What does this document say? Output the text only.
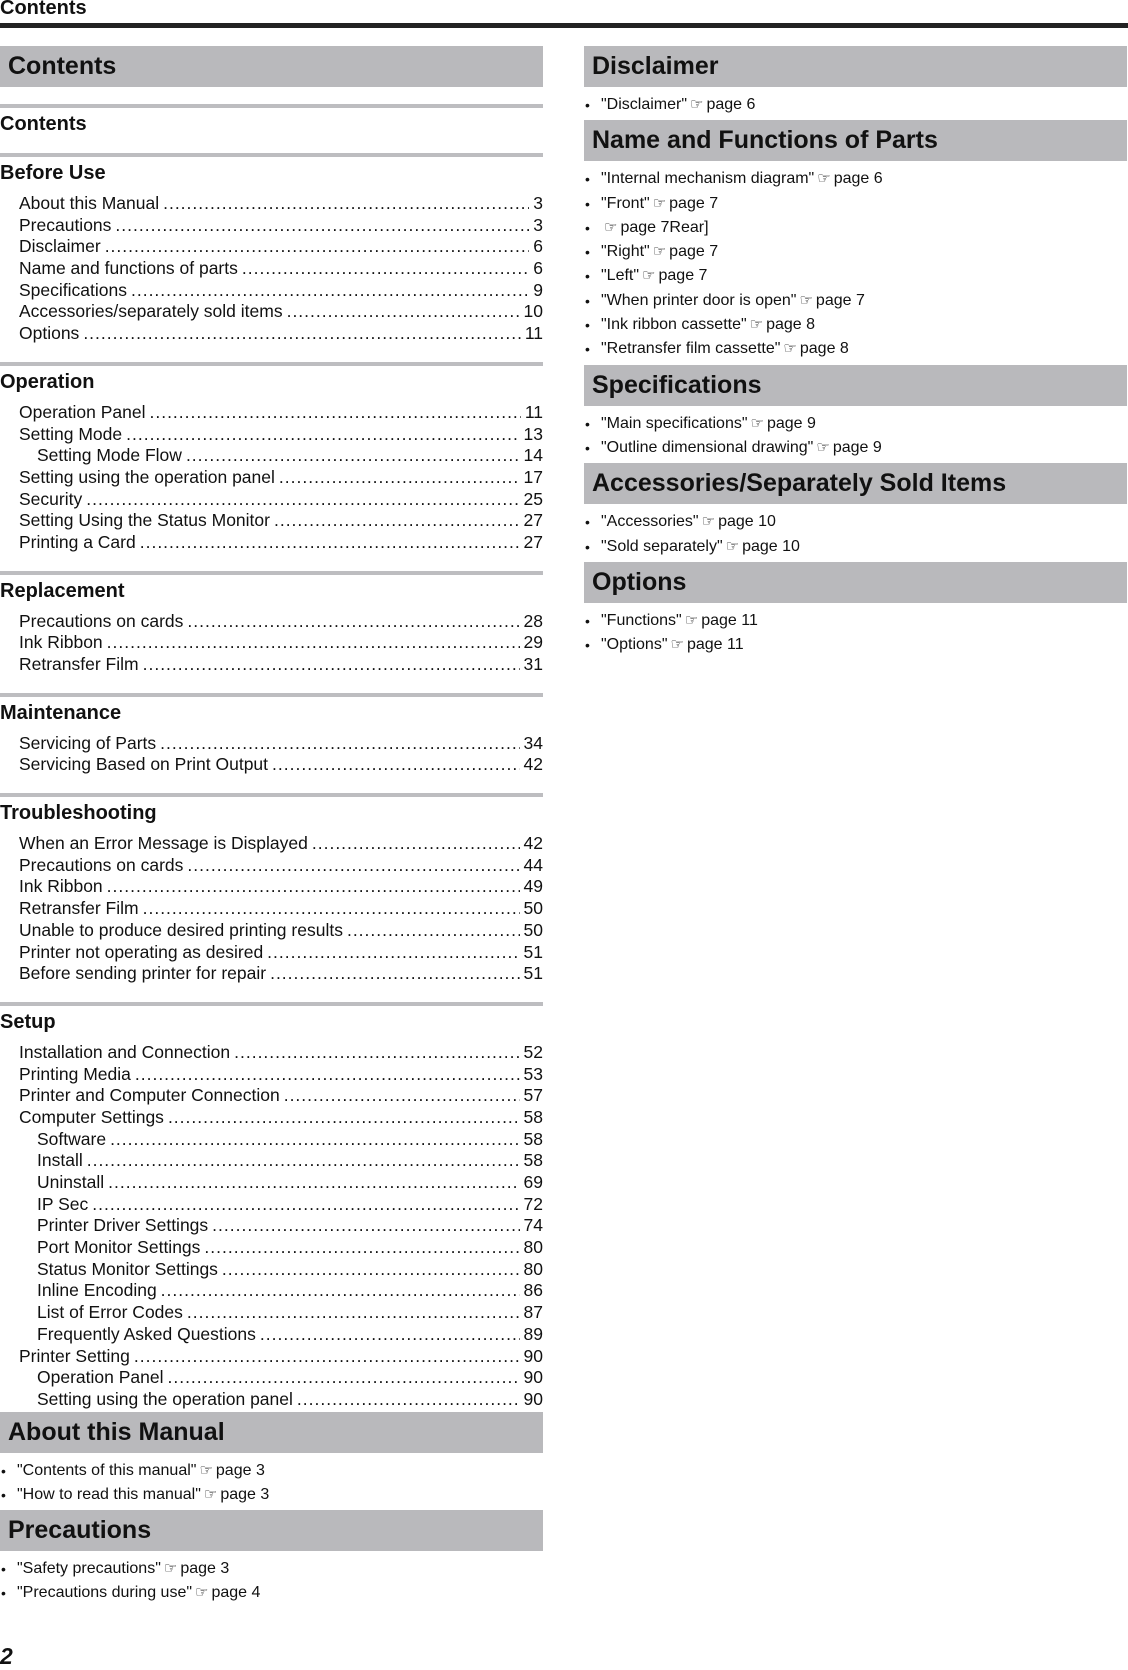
Contents
Contents
Contents
Before Use
About this Manual .....	3
Precautions .....	3
Disclaimer .....	6
Name and functions of parts .....	6
Specifications .....	9
Accessories/separately sold items .....	10
Options .....	11
Operation
Operation Panel .....	11
Setting Mode .....	13
Setting Mode Flow .....	14
Setting using the operation panel .....	17
Security .....	25
Setting Using the Status Monitor .....	27
Printing a Card .....	27
Replacement
Precautions on cards .....	28
Ink Ribbon .....	29
Retransfer Film .....	31
Maintenance
Servicing of Parts .....	34
Servicing Based on Print Output .....	42
Troubleshooting
When an Error Message is Displayed .....	42
Precautions on cards .....	44
Ink Ribbon .....	49
Retransfer Film .....	50
Unable to produce desired printing results .....	50
Printer not operating as desired .....	51
Before sending printer for repair .....	51
Setup
Installation and Connection .....	52
Printing Media .....	53
Printer and Computer Connection .....	57
Computer Settings .....	58
Software .....	58
Install .....	58
Uninstall .....	69
IP Sec .....	72
Printer Driver Settings .....	74
Port Monitor Settings .....	80
Status Monitor Settings .....	80
Inline Encoding .....	86
List of Error Codes .....	87
Frequently Asked Questions .....	89
Printer Setting .....	90
Operation Panel .....	90
Setting using the operation panel .....	90
About this Manual
• "Contents of this manual" ☞ page 3
• "How to read this manual" ☞ page 3
Precautions
• "Safety precautions" ☞ page 3
• "Precautions during use" ☞ page 4
Disclaimer
• "Disclaimer" ☞ page 6
Name and Functions of Parts
• "Internal mechanism diagram" ☞ page 6
• "Front" ☞ page 7
• ☞ page 7Rear]
• "Right" ☞ page 7
• "Left" ☞ page 7
• "When printer door is open" ☞ page 7
• "Ink ribbon cassette" ☞ page 8
• "Retransfer film cassette" ☞ page 8
Specifications
• "Main specifications" ☞ page 9
• "Outline dimensional drawing" ☞ page 9
Accessories/Separately Sold Items
• "Accessories" ☞ page 10
• "Sold separately" ☞ page 10
Options
• "Functions" ☞ page 11
• "Options" ☞ page 11
2
